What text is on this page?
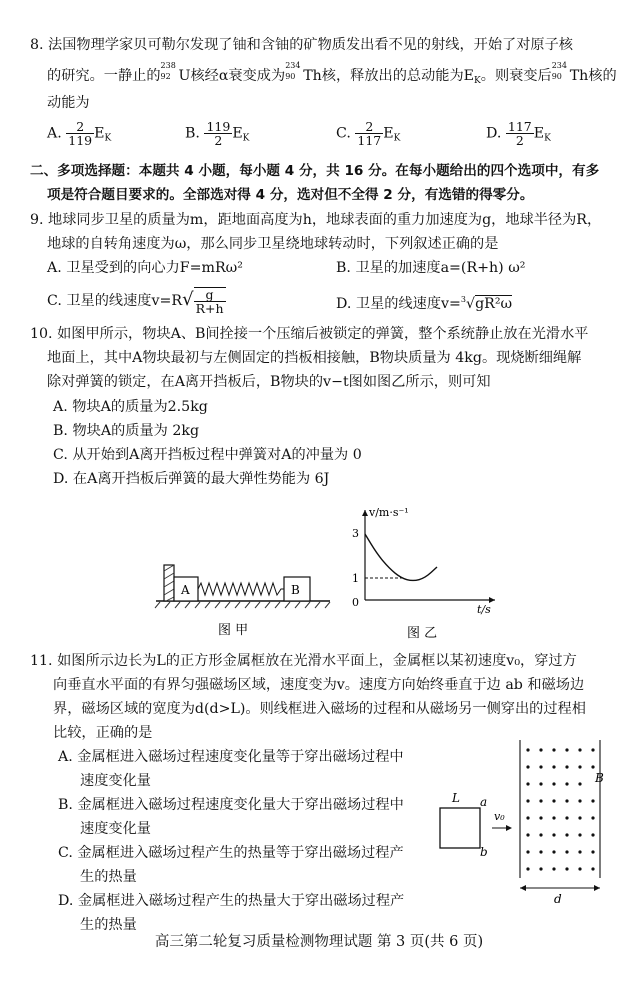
8. 法国物理学家贝可勒尔发现了铀和含铀的矿物质发出看不见的射线，开始了对原子核
的研究。一静止的
238
92 U核经α衰变成为
234
90 Th核，释放出的总动能为$E_K$。则衰变后
234
90 Th核的
动能为
A. $\frac{2}{119} E_K$	B. $\frac{119}{2} E_K$	C. $\frac{2}{117} E_K$	D. $\frac{117}{2} E_K$
二、多项选择题：本题共 4 小题，每小题 4 分，共 16 分。在每小题给出的四个选项中，有多
项是符合题目要求的。全部选对得 4 分，选对但不全得 2 分，有选错的得零分。
9. 地球同步卫星的质量为m，距地面高度为h，地球表面的重力加速度为g，地球半径为R，
地球的自转角速度为ω，那么同步卫星绕地球转动时，下列叙述正确的是
A. 卫星受到的向心力F=mRω²	B. 卫星的加速度a=(R+h) ω²
C. 卫星的线速度$v=R√ \frac{g}{R+h}$	D. 卫星的线速度v=$^3$√gR²ω
10. 如图甲所示，物块A、B间拴接一个压缩后被锁定的弹簧，整个系统静止放在光滑水平
地面上，其中A物块最初与左侧固定的挡板相接触，B物块质量为 4kg。现烧断细绳解
除对弹簧的锁定，在A离开挡板后，B物块的v−t图如图乙所示，则可知
A. 物块A的质量为2.5kg
B. 物块A的质量为 2kg
C. 从开始到A离开挡板过程中弹簧对A的冲量为 0
D. 在A离开挡板后弹簧的最大弹性势能为 6J
A	B
图 甲
v/m·s⁻¹
t/s
3
1
0
图 乙
11. 如图所示边长为L的正方形金属框放在光滑水平面上，金属框以某初速度v₀，穿过方
向垂直水平面的有界匀强磁场区域，速度变为v。速度方向始终垂直于边 ab 和磁场边
界，磁场区域的宽度为d(d>L)。则线框进入磁场的过程和从磁场另一侧穿出的过程相
比较，正确的是
A. 金属框进入磁场过程速度变化量等于穿出磁场过程中
速度变化量
B. 金属框进入磁场过程速度变化量大于穿出磁场过程中
速度变化量
C. 金属框进入磁场过程产生的热量等于穿出磁场过程产
生的热量
D. 金属框进入磁场过程产生的热量大于穿出磁场过程产
生的热量
L a
b
v₀
B
d
高三第二轮复习质量检测物理试题 第 3 页(共 6 页)
